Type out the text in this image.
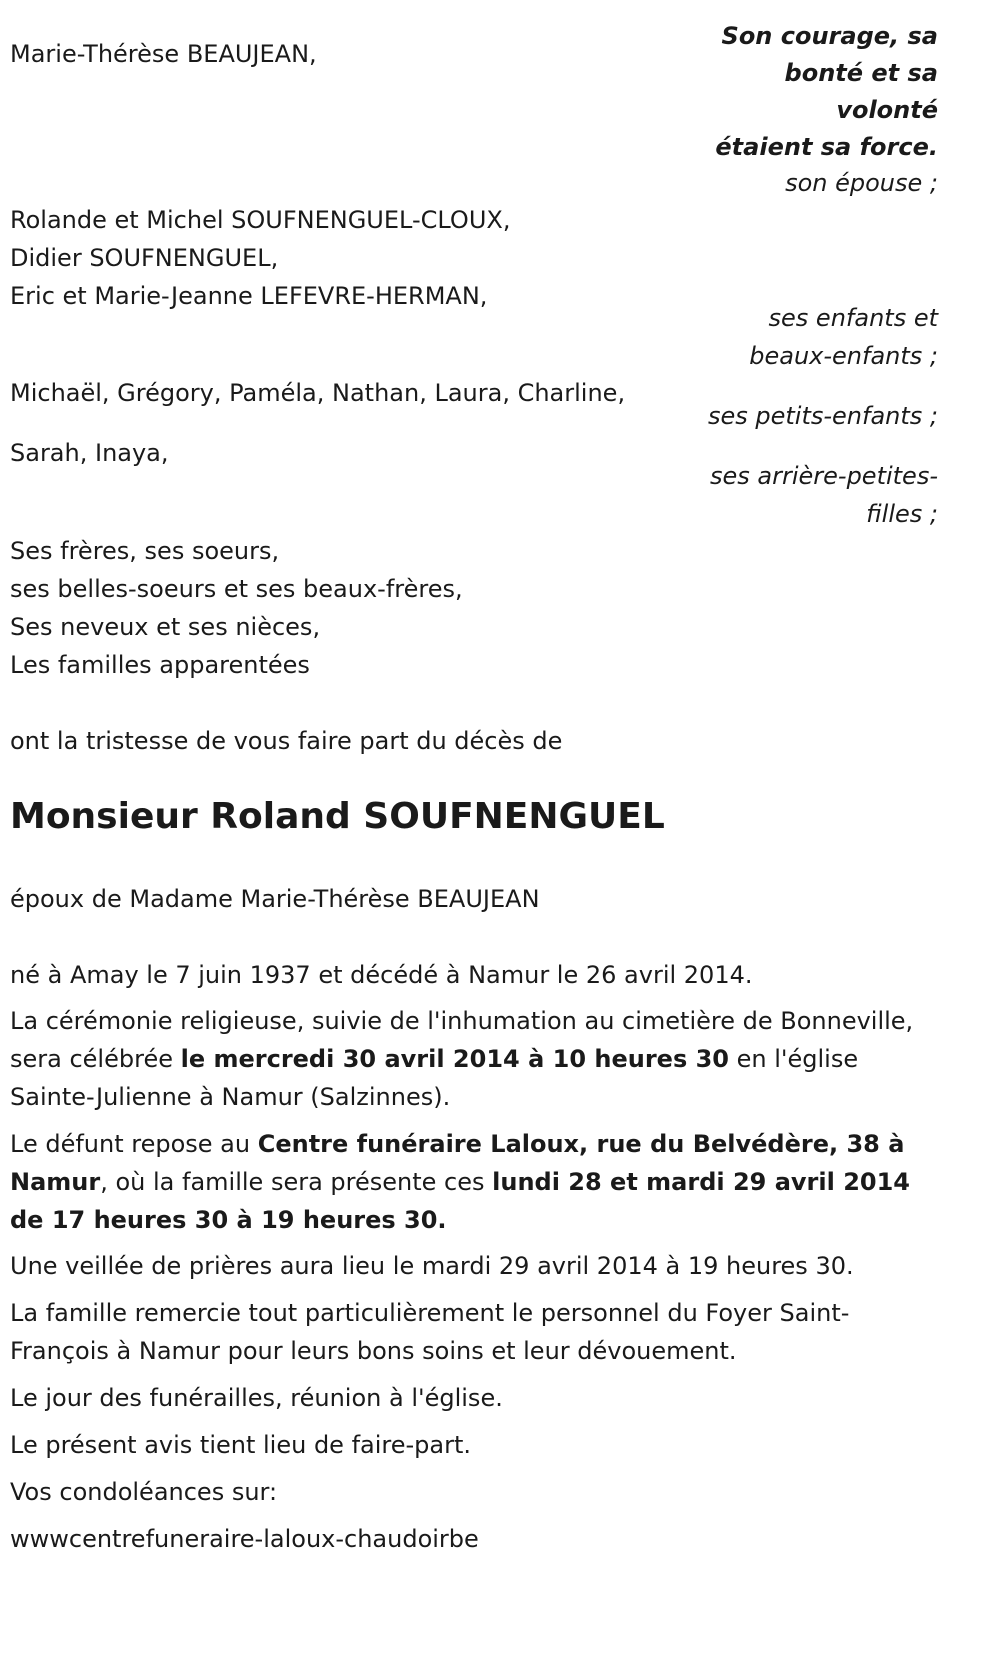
Marie-Thérèse BEAUJEAN,
Son courage, sa
bonté et sa
volonté
étaient sa force.
son épouse ;
Rolande et Michel SOUFNENGUEL-CLOUX,
Didier SOUFNENGUEL,
Eric et Marie-Jeanne LEFEVRE-HERMAN,
ses enfants et
beaux-enfants ;
Michaël, Grégory, Paméla, Nathan, Laura, Charline,
ses petits-enfants ;
Sarah, Inaya,
ses arrière-petites-
filles ;
Ses frères, ses soeurs,
ses belles-soeurs et ses beaux-frères,
Ses neveux et ses nièces,
Les familles apparentées
ont la tristesse de vous faire part du décès de
Monsieur Roland SOUFNENGUEL
époux de Madame Marie-Thérèse BEAUJEAN
né à Amay le 7 juin 1937 et décédé à Namur le 26 avril 2014.
La cérémonie religieuse, suivie de l'inhumation au cimetière de Bonneville, sera célébrée le mercredi 30 avril 2014 à 10 heures 30 en l'église Sainte-Julienne à Namur (Salzinnes).
Le défunt repose au Centre funéraire Laloux, rue du Belvédère, 38 à Namur, où la famille sera présente ces lundi 28 et mardi 29 avril 2014 de 17 heures 30 à 19 heures 30.
Une veillée de prières aura lieu le mardi 29 avril 2014 à 19 heures 30.
La famille remercie tout particulièrement le personnel du Foyer Saint-François à Namur pour leurs bons soins et leur dévouement.
Le jour des funérailles, réunion à l'église.
Le présent avis tient lieu de faire-part.
Vos condoléances sur:
wwwcentrefuneraire-laloux-chaudoirbe
